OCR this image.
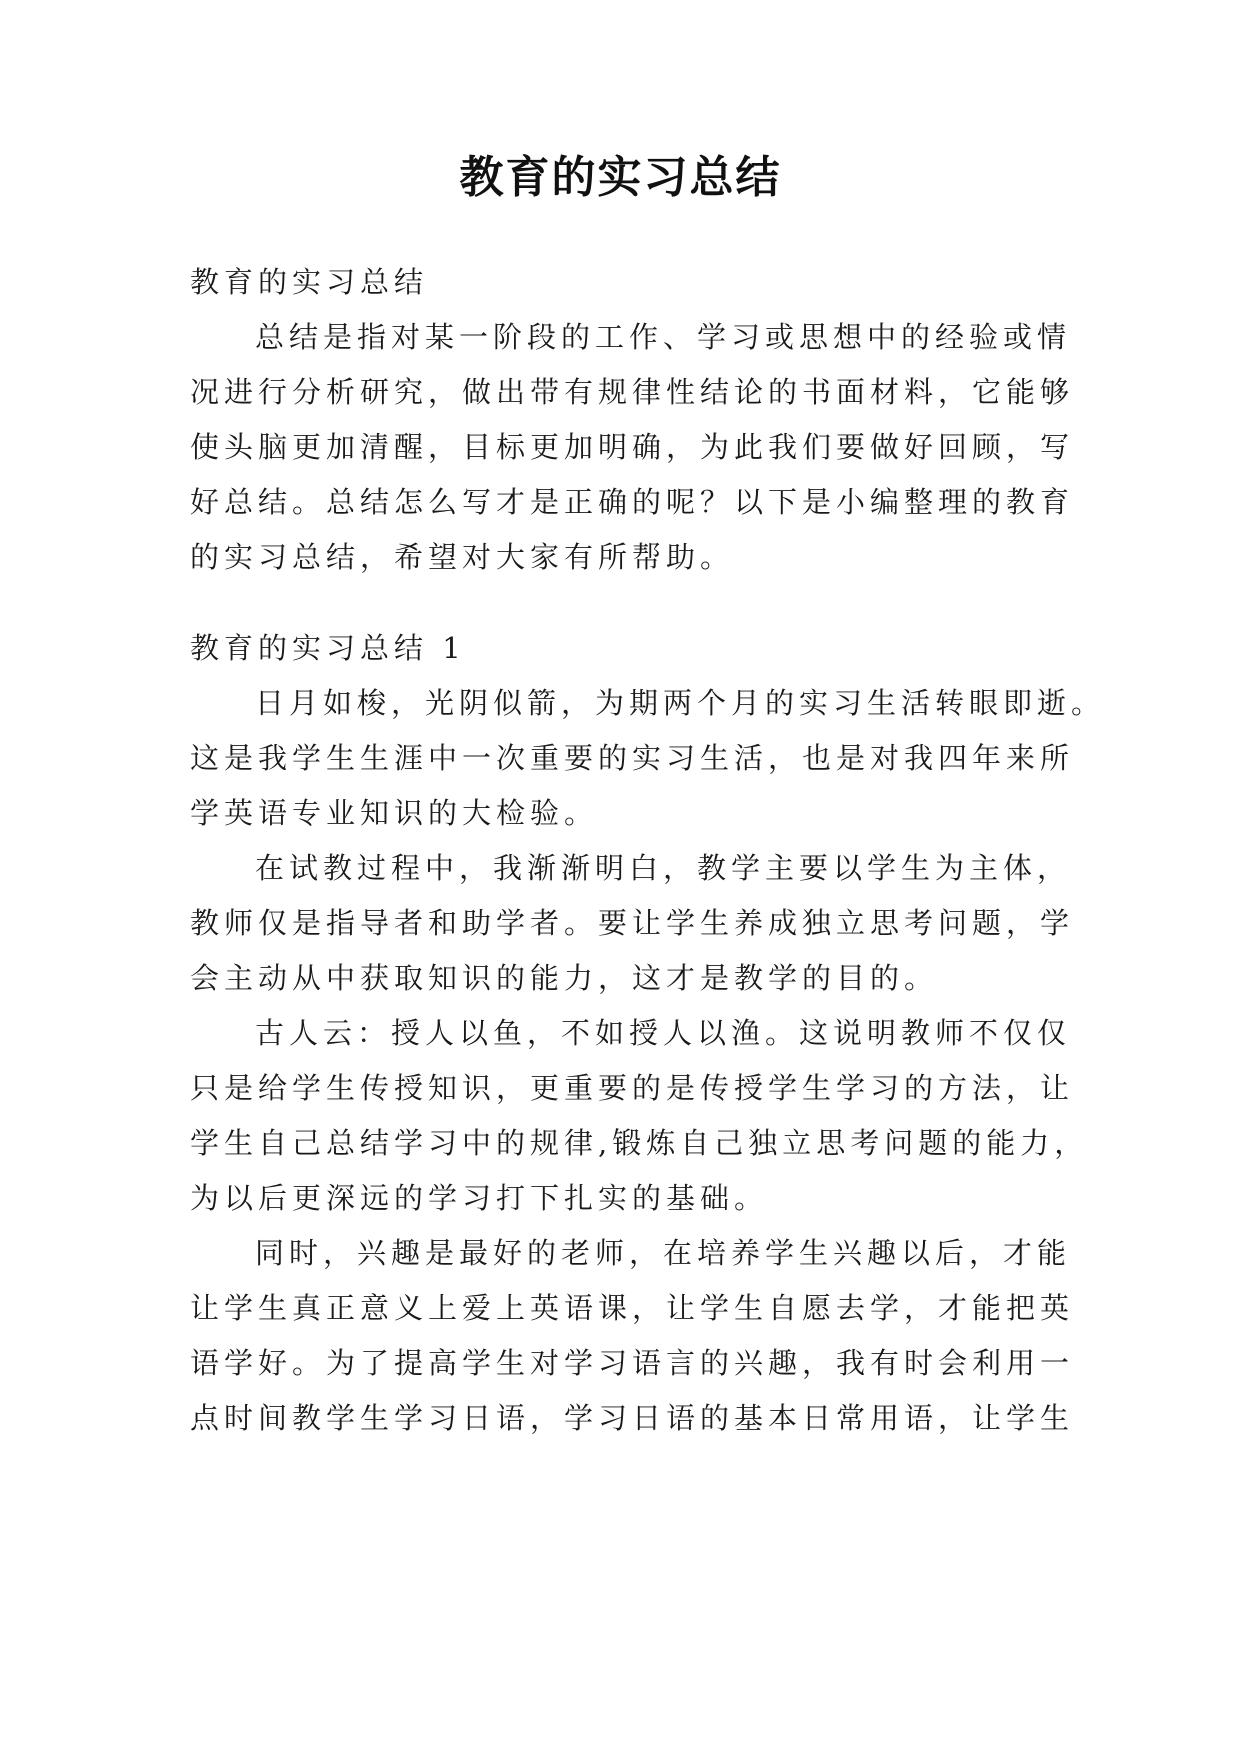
教育的实习总结
教育的实习总结
总结是指对某一阶段的工作、学习或思想中的经验或情
况进行分析研究，做出带有规律性结论的书面材料，它能够
使头脑更加清醒，目标更加明确，为此我们要做好回顾，写
好总结。总结怎么写才是正确的呢？以下是小编整理的教育
的实习总结，希望对大家有所帮助。
教育的实习总结 1
日月如梭，光阴似箭，为期两个月的实习生活转眼即逝。
这是我学生生涯中一次重要的实习生活，也是对我四年来所
学英语专业知识的大检验。
在试教过程中，我渐渐明白，教学主要以学生为主体，
教师仅是指导者和助学者。要让学生养成独立思考问题，学
会主动从中获取知识的能力，这才是教学的目的。
古人云：授人以鱼，不如授人以渔。这说明教师不仅仅
只是给学生传授知识，更重要的是传授学生学习的方法，让
学生自己总结学习中的规律,锻炼自己独立思考问题的能力，
为以后更深远的学习打下扎实的基础。
同时，兴趣是最好的老师，在培养学生兴趣以后，才能
让学生真正意义上爱上英语课，让学生自愿去学，才能把英
语学好。为了提高学生对学习语言的兴趣，我有时会利用一
点时间教学生学习日语，学习日语的基本日常用语，让学生
